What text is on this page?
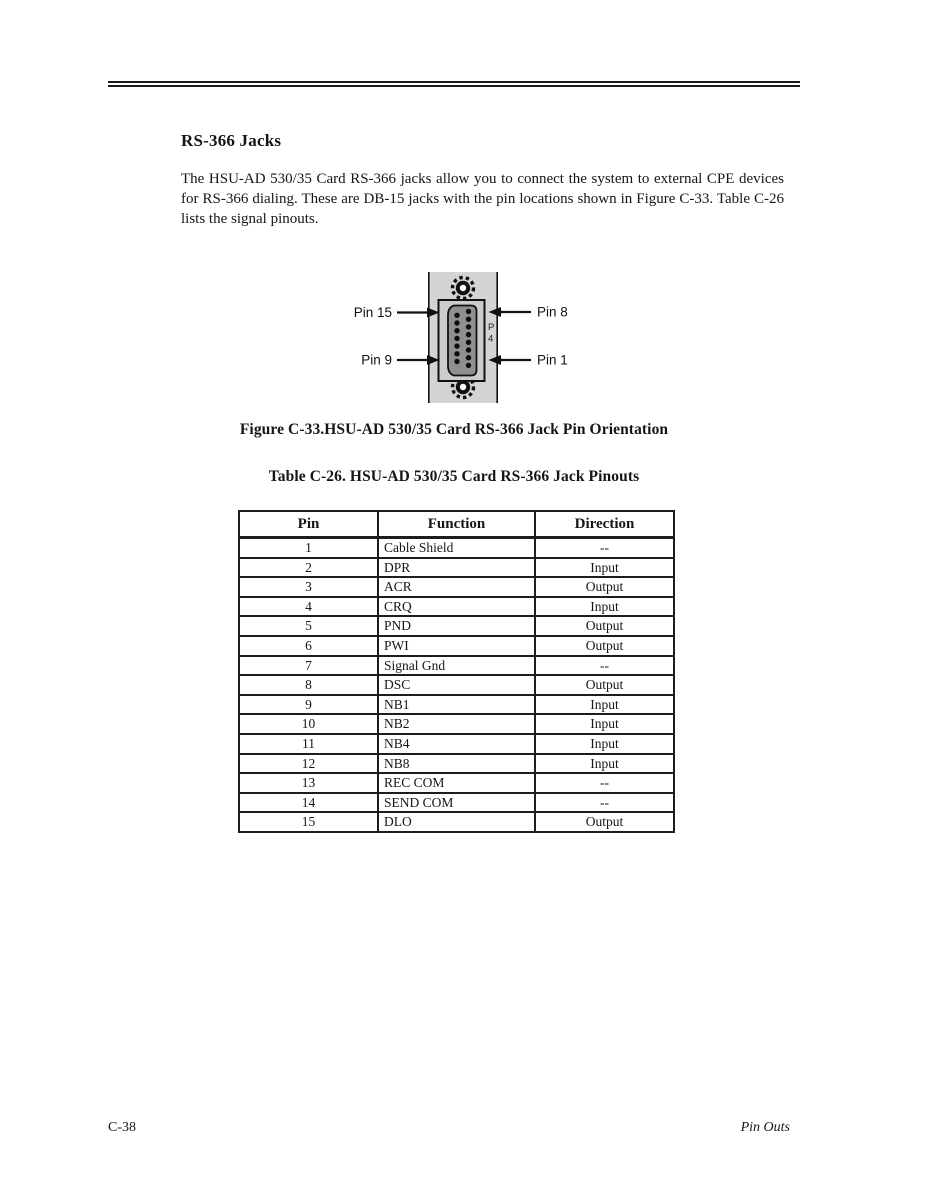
RS-366 Jacks
The HSU-AD 530/35 Card RS-366 jacks allow you to connect the system to external CPE devices for RS-366 dialing. These are DB-15 jacks with the pin locations shown in Figure C-33. Table C-26 lists the signal pinouts.
P
4
Pin 15
Pin 9
Pin 8
Pin 1
Figure C-33.HSU-AD 530/35 Card RS-366 Jack Pin Orientation
Table C-26. HSU-AD 530/35 Card RS-366 Jack Pinouts
Pin	Function	Direction
1	Cable Shield	--
2	DPR	Input
3	ACR	Output
4	CRQ	Input
5	PND	Output
6	PWI	Output
7	Signal Gnd	--
8	DSC	Output
9	NB1	Input
10	NB2	Input
11	NB4	Input
12	NB8	Input
13	REC COM	--
14	SEND COM	--
15	DLO	Output
C-38	Pin Outs
